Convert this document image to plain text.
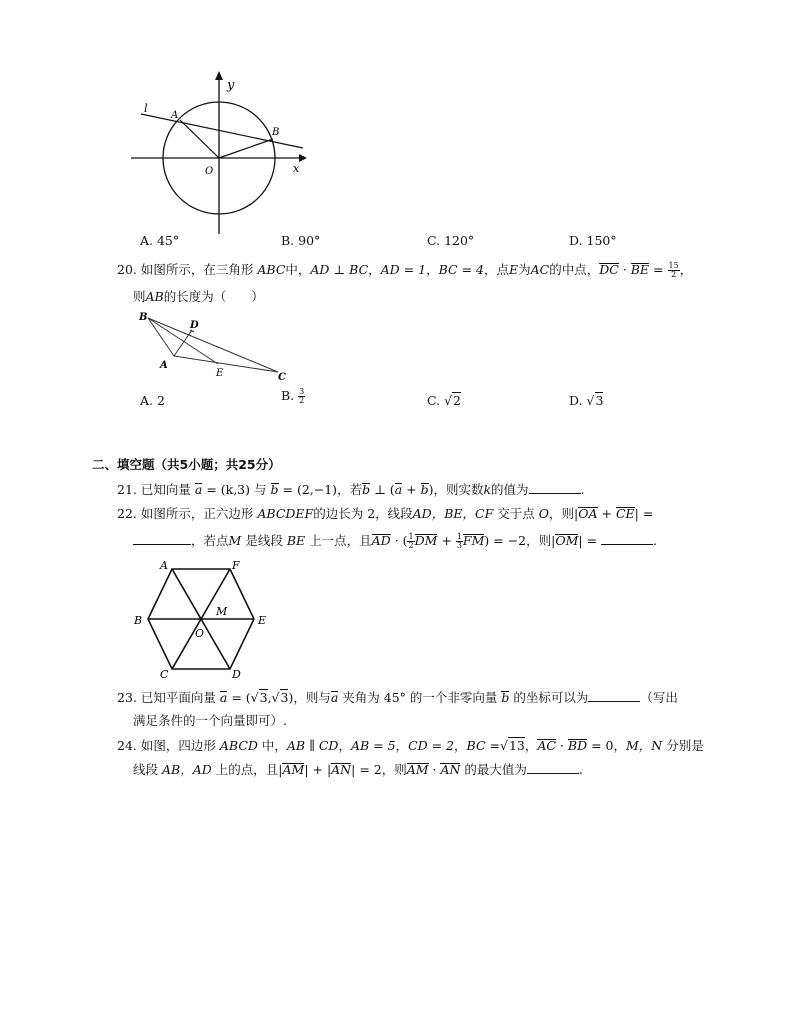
y
l
A
B
O	x
A. 45°	B. 90°	C. 120°	D. 150°
20. 如图所示，在三角形 ABC中，AD ⊥ BC，AD = 1，BC = 4，点E为AC的中点，DC · BE = $\frac{15}{2}$ ，
则AB的长度为（　　）
B
D
A
E	C
A. 2	B. $\frac{3}{2}$	C. √2	D. √3
二、填空题（共5小题；共25分）
21. 已知向量 a = (k,3) 与 b = (2,−1)，若b ⊥ (a + b)，则实数k的值为	.
22. 如图所示，正六边形 ABCDEF的边长为 2，线段AD，BE，CF 交于点 O，则|OA + CE| =
，若点M 是线段 BE 上一点，且AD · ( $\frac{1}{2}$ DM + $\frac{1}{3} FM) = -2$，则|OM| =	.
A	F
B
M
O
E
C	D
23. 已知平面向量 a = (√3,√3)，则与a 夹角为 45° 的一个非零向量 b 的坐标可以为	（写出
满足条件的一个向量即可）.
24. 如图，四边形 ABCD 中，AB ∥ CD，AB = 5，CD = 2，BC =√13，AC · BD = 0，M，N 分别是
线段 AB，AD 上的点，且|AM| + |AN| = 2，则AM · AN 的最大值为	.
